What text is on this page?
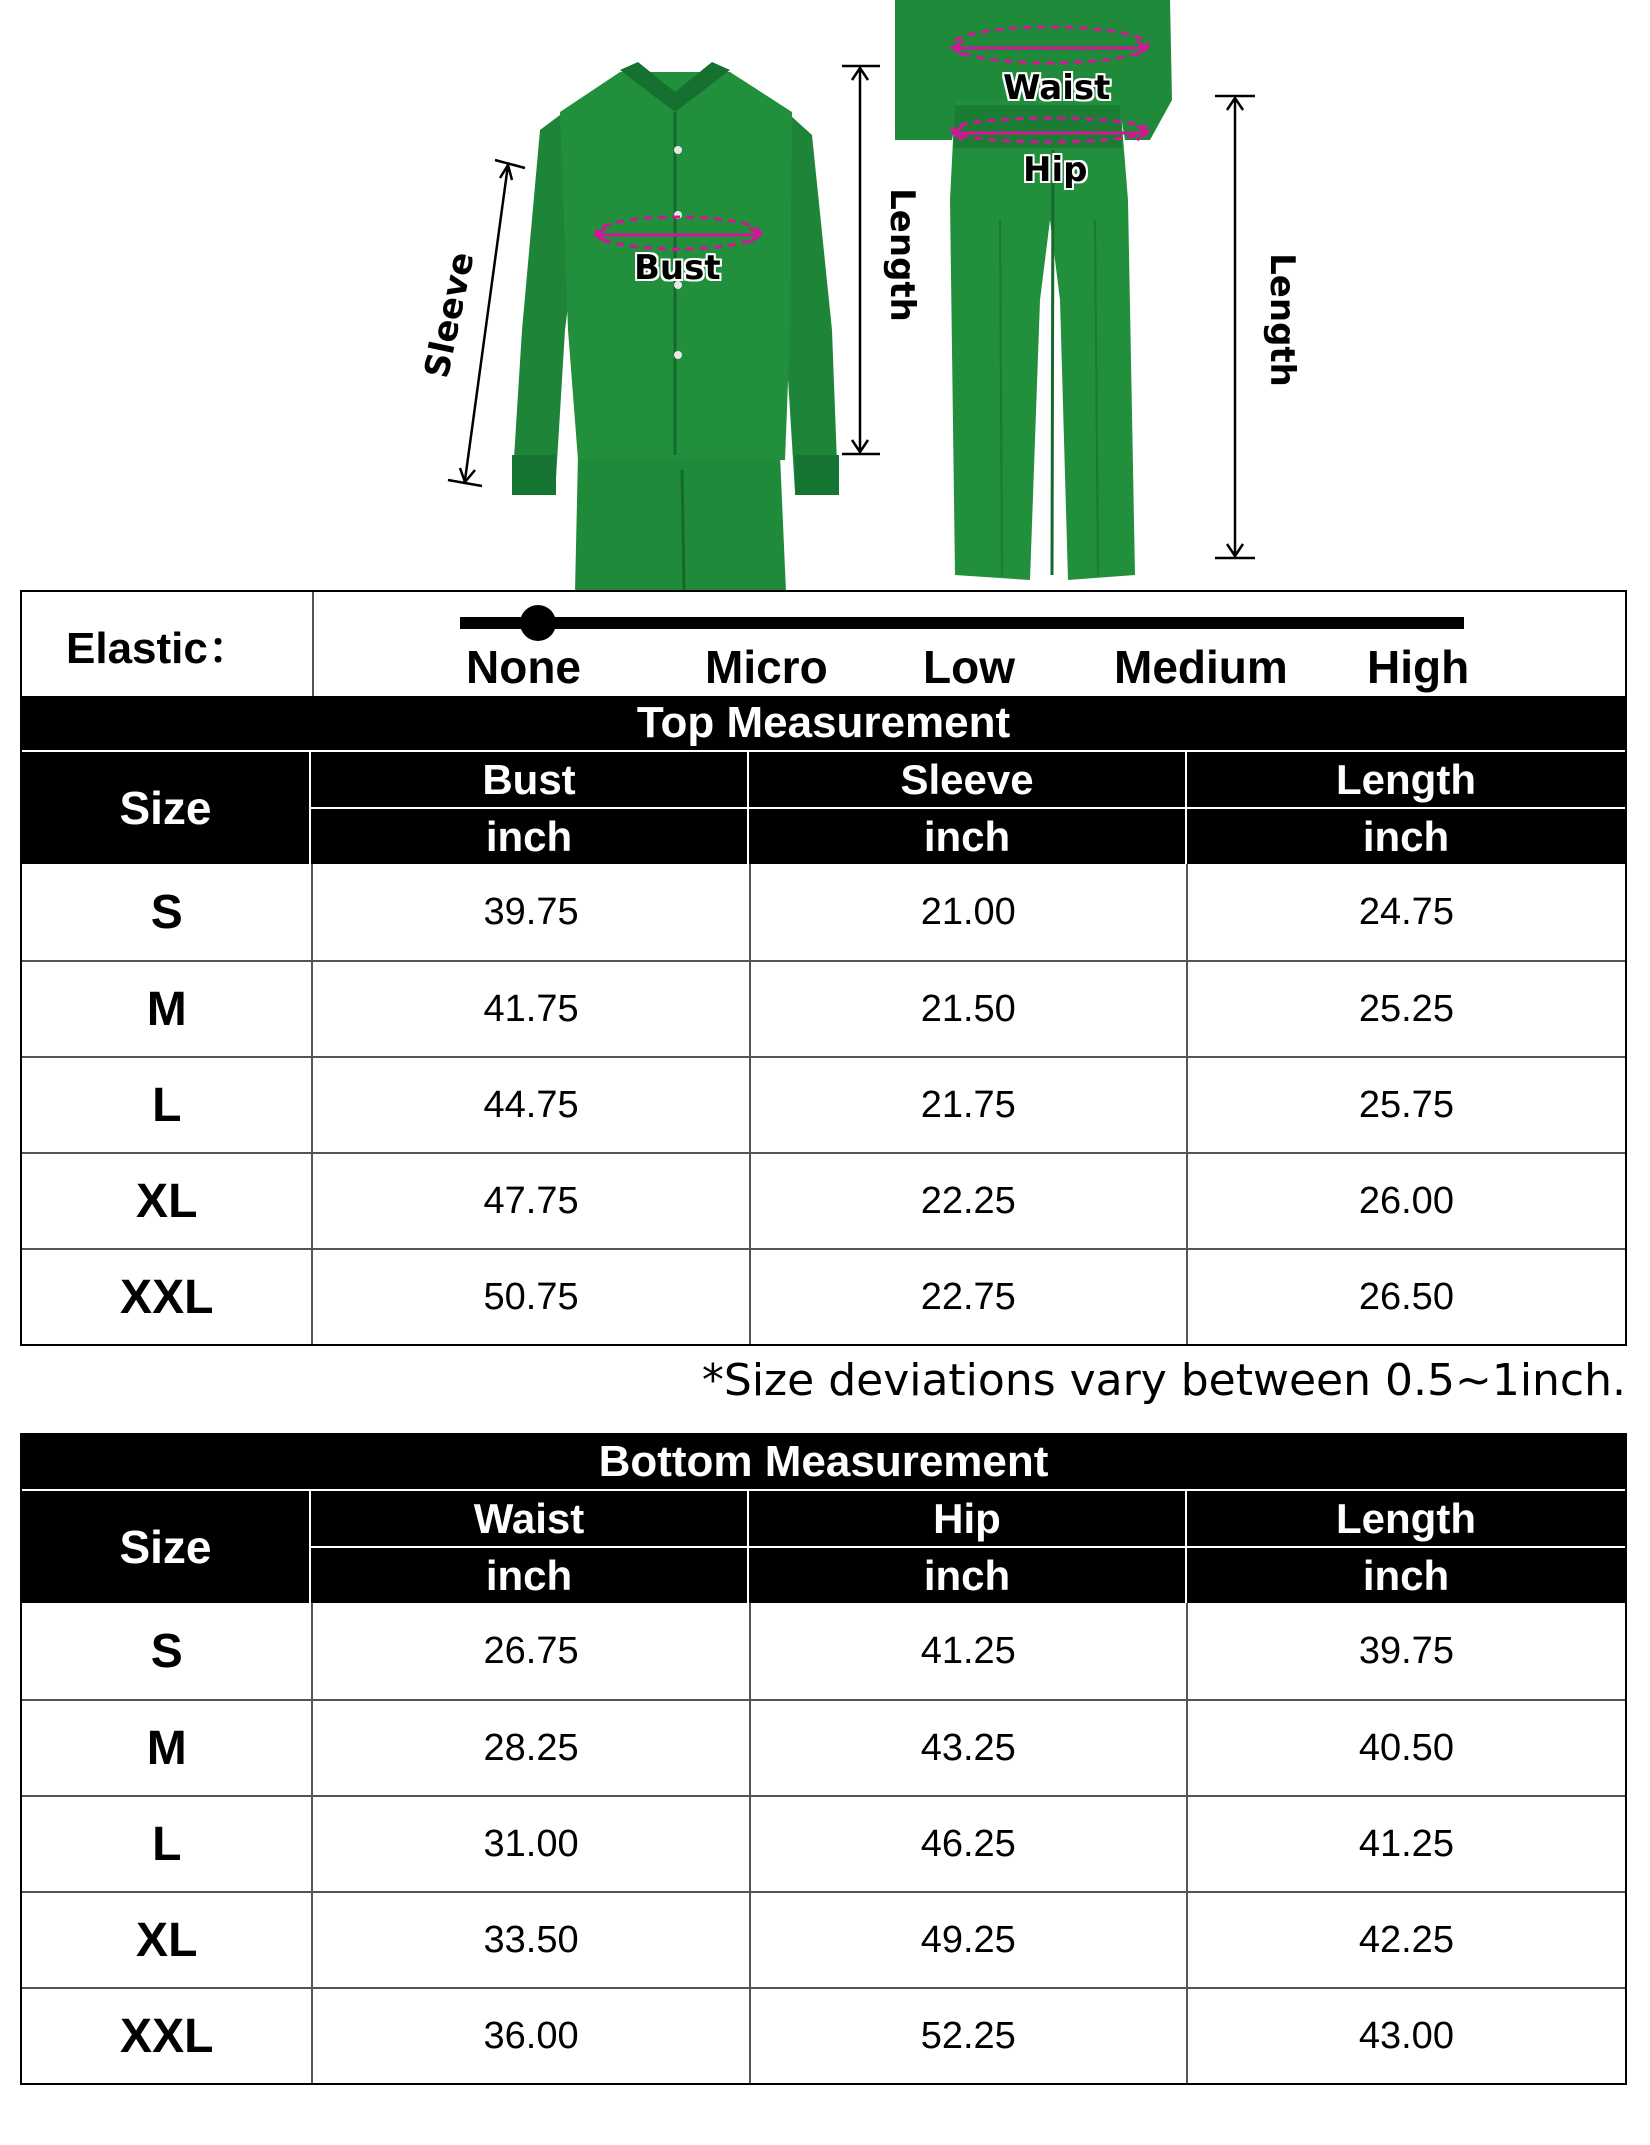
Bust
Sleeve	Length
Waist
Hip
Length
Elastic：	None	Micro Low Medium High
Top Measurement
Size
Bust	Sleeve	Length
inch	inch	inch
S	39.75	21.00	24.75
M	41.75	21.50	25.25
L	44.75	21.75	25.75
XL	47.75	22.25	26.00
XXL	50.75	22.75	26.50
*Size deviations vary between 0.5~1inch.
Bottom Measurement
Size
Waist	Hip	Length
inch	inch	inch
S	26.75	41.25	39.75
M	28.25	43.25	40.50
L	31.00	46.25	41.25
XL	33.50	49.25	42.25
XXL	36.00	52.25	43.00
